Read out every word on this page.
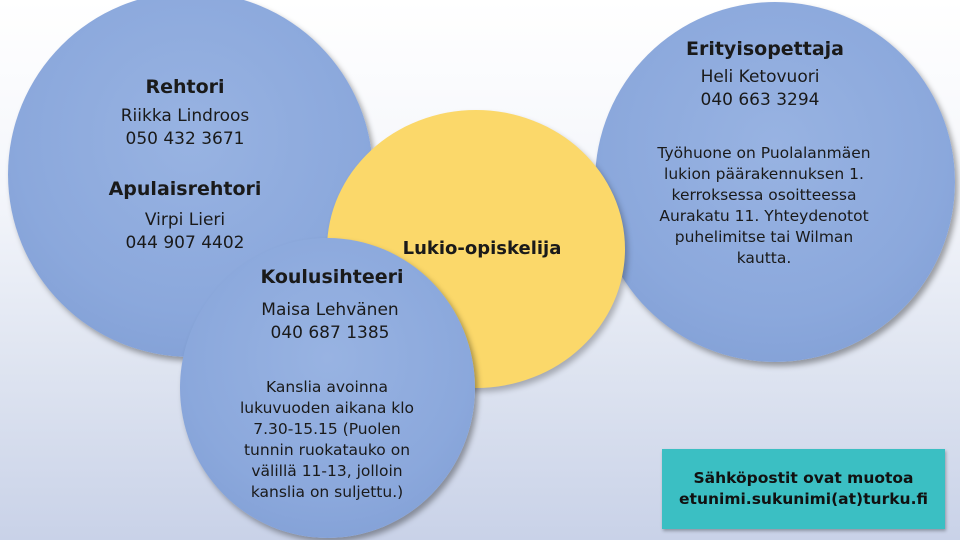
Rehtori
Riikka Lindroos
050 432 3671
Apulaisrehtori
Virpi Lieri
044 907 4402	Lukio-opiskelija
Koulusihteeri
Maisa Lehvänen
040 687 1385
Kanslia avoinna lukuvuoden aikana klo 7.30-15.15 (Puolen tunnin ruokatauko on välillä 11-13, jolloin kanslia on suljettu.)
Erityisopettaja
Heli Ketovuori
040 663 3294
Työhuone on Puolalanmäen lukion päärakennuksen 1. kerroksessa osoitteessa Aurakatu 11. Yhteydenotot puhelimitse tai Wilman kautta.
Sähköpostit ovat muotoa
etunimi.sukunimi(at)turku.fi
